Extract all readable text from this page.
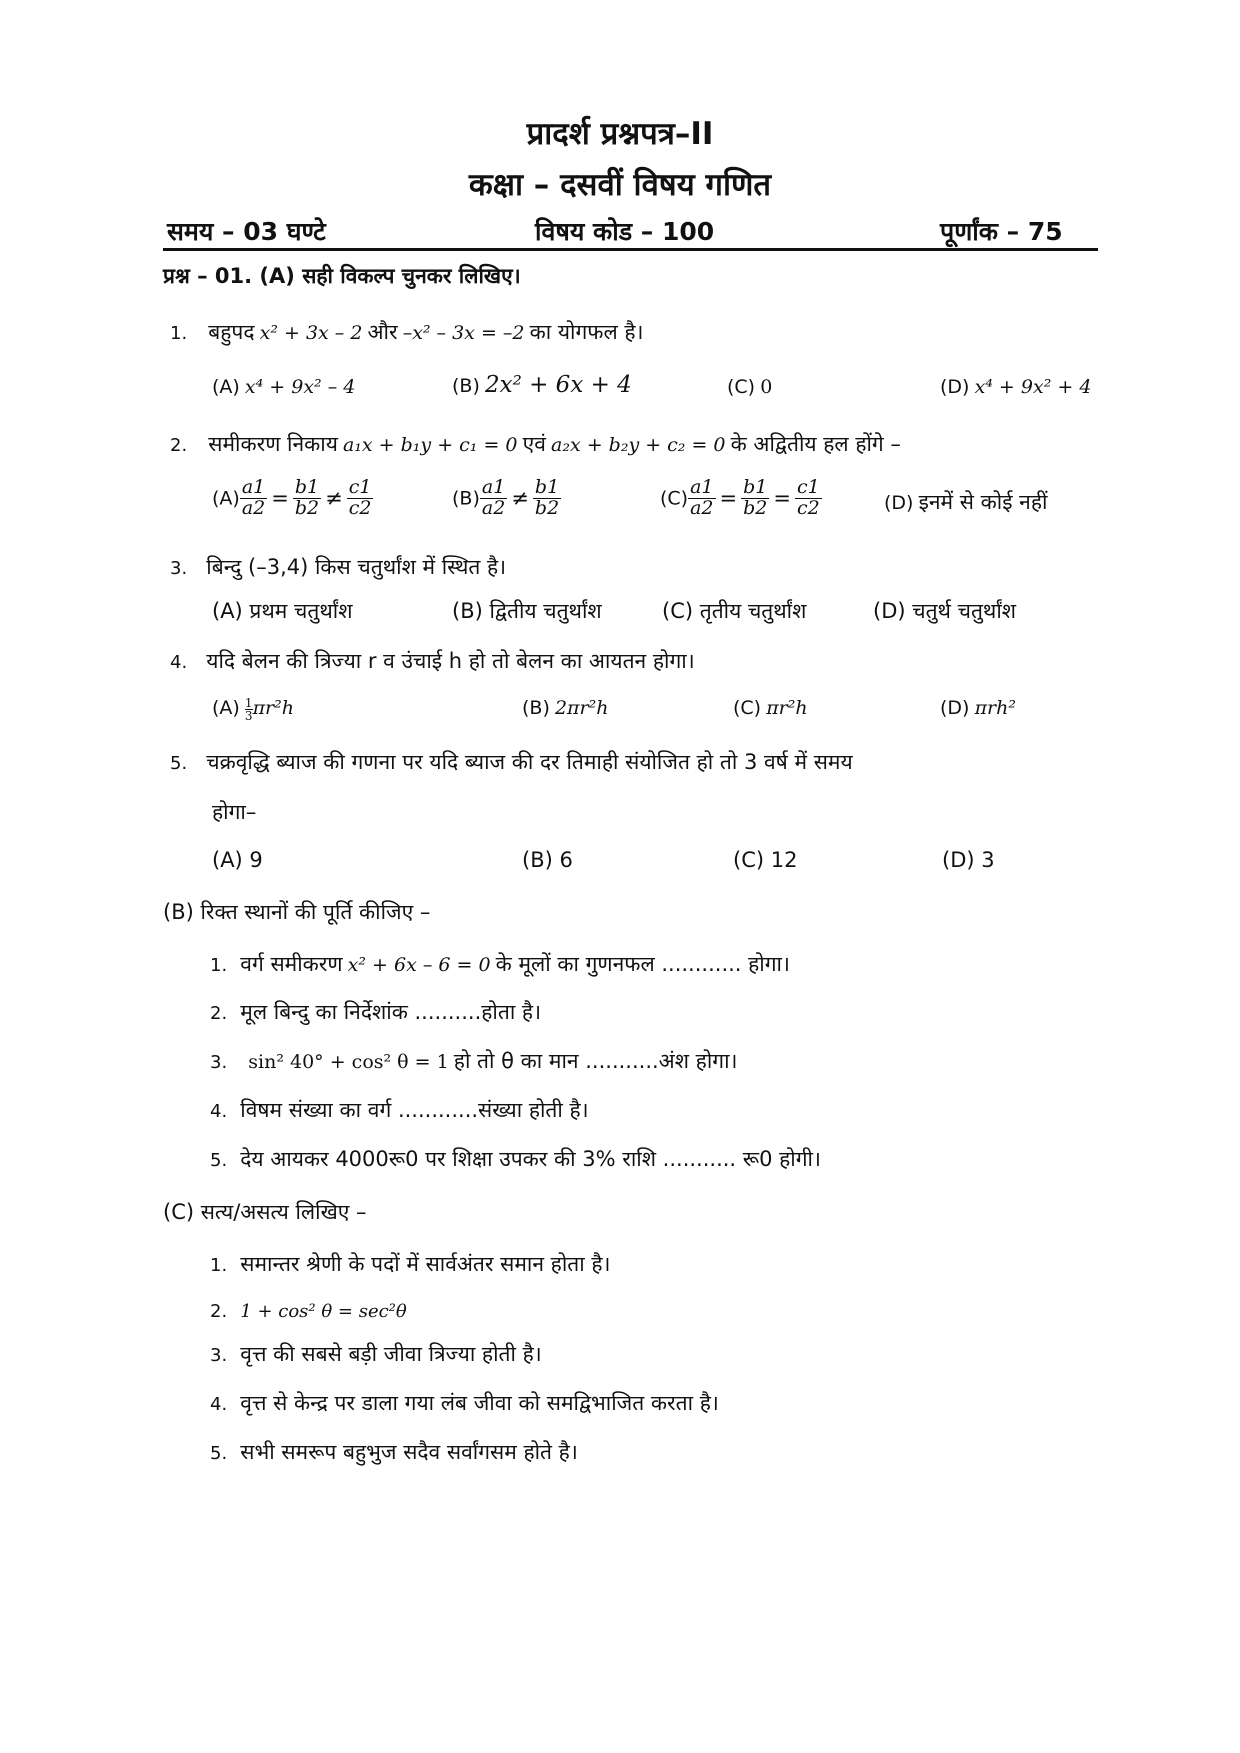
प्रादर्श प्रश्नपत्र–II
कक्षा – दसवीं विषय गणित
समय – 03 घण्टे	विषय कोड – 100	पूर्णांक – 75
प्रश्न – 01. (A) सही विकल्प चुनकर लिखिए।
1. बहुपद x² + 3x – 2 और –x² – 3x = –2 का योगफल है।
(A) x⁴ + 9x² – 4	(B) 2x² + 6x + 4	(C) 0	(D) x⁴ + 9x² + 4
2. समीकरण निकाय a₁x + b₁y + c₁ = 0 एवं a₂x + b₂y + c₂ = 0 के अद्वितीय हल होंगे –
$(A) \frac{a1}{a2} = \frac{b1}{b2} \ne \frac{c1}{c2}$	$(B) \frac{a1}{a2} \ne \frac{b1}{b2}$	$(C) \frac{a1}{a2} = \frac{b1}{b2} = \frac{c1}{c2}$	(D) इनमें से कोई नहीं
3. बिन्दु (–3,4) किस चतुर्थांश में स्थित है।
(A) प्रथम चतुर्थांश	(B) द्वितीय चतुर्थांश	(C) तृतीय चतुर्थांश	(D) चतुर्थ चतुर्थांश
4. यदि बेलन की त्रिज्या r व उंचाई h हो तो बेलन का आयतन होगा।
$(A) \frac{1}{3} \pi r^2h$	(B) 2πr²h	(C) πr²h	(D) πrh²
5. चक्रवृद्धि ब्याज की गणना पर यदि ब्याज की दर तिमाही संयोजित हो तो 3 वर्ष में समय
होगा–
(A) 9	(B) 6	(C) 12	(D) 3
(B) रिक्त स्थानों की पूर्ति कीजिए –
1. वर्ग समीकरण x² + 6x – 6 = 0 के मूलों का गुणनफल ............ होगा।
2. मूल बिन्दु का निर्देशांक ..........होता है।
3. sin² 40° + cos² θ = 1 हो तो θ का मान ...........अंश होगा।
4. विषम संख्या का वर्ग ............संख्या होती है।
5. देय आयकर 4000रू0 पर शिक्षा उपकर की 3% राशि ........... रू0 होगी।
(C) सत्य/असत्य लिखिए –
1. समान्तर श्रेणी के पदों में सार्वअंतर समान होता है।
2. 1 + cos² θ = sec²θ
3. वृत्त की सबसे बड़ी जीवा त्रिज्या होती है।
4. वृत्त से केन्द्र पर डाला गया लंब जीवा को समद्विभाजित करता है।
5. सभी समरूप बहुभुज सदैव सर्वांगसम होते है।
